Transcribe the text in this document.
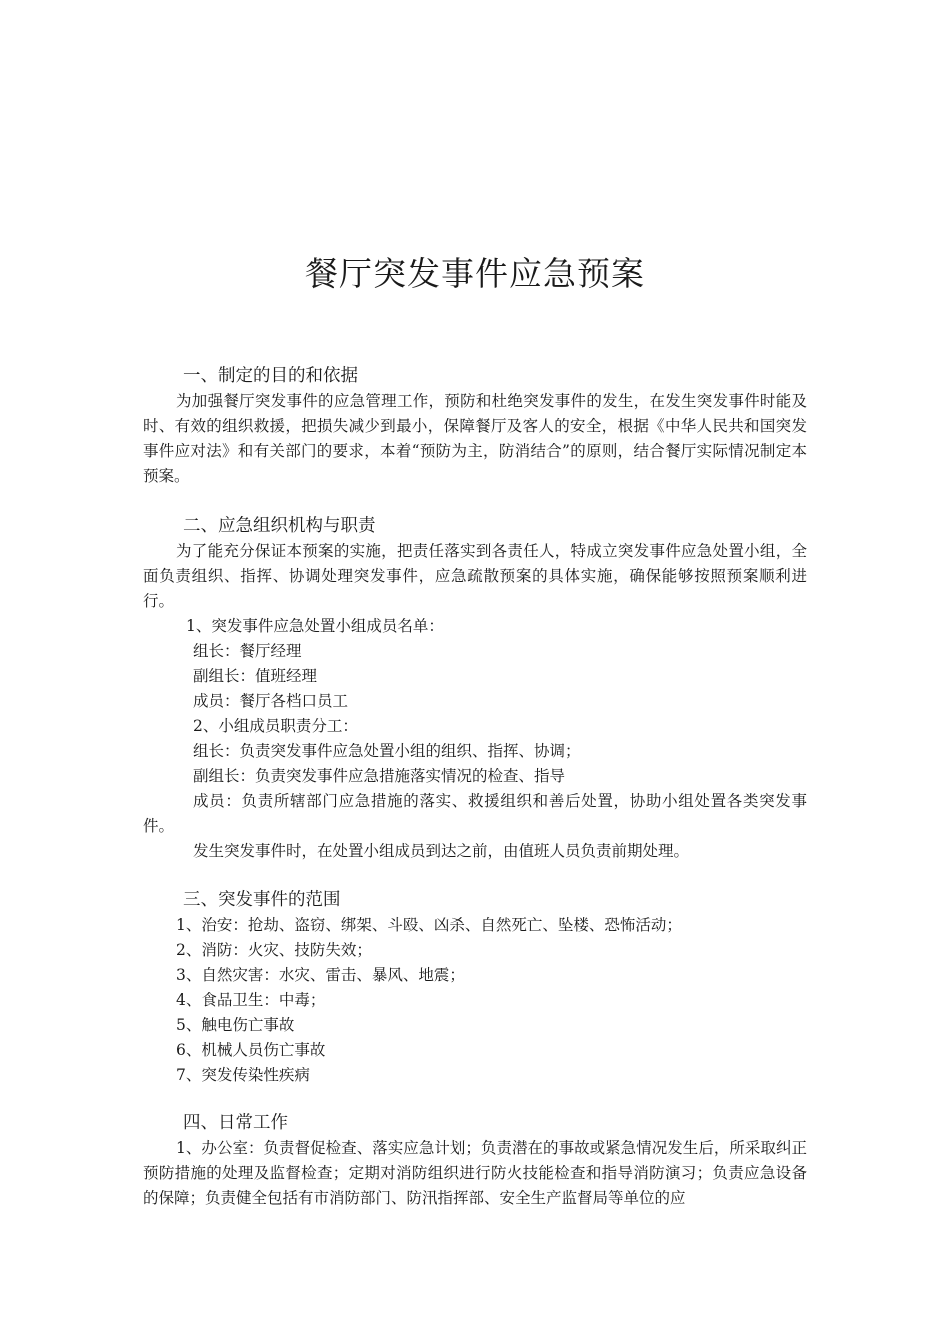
餐厅突发事件应急预案
一、制定的目的和依据
为加强餐厅突发事件的应急管理工作，预防和杜绝突发事件的发生，在发生突发事件时能及时、有效的组织救援，把损失减少到最小，保障餐厅及客人的安全，根据《中华人民共和国突发事件应对法》和有关部门的要求，本着“预防为主，防消结合”的原则，结合餐厅实际情况制定本预案。
二、应急组织机构与职责
为了能充分保证本预案的实施，把责任落实到各责任人，特成立突发事件应急处置小组，全面负责组织、指挥、协调处理突发事件，应急疏散预案的具体实施，确保能够按照预案顺利进行。
1、突发事件应急处置小组成员名单：
组长：餐厅经理
副组长：值班经理
成员：餐厅各档口员工
2、小组成员职责分工：
组长：负责突发事件应急处置小组的组织、指挥、协调；
副组长：负责突发事件应急措施落实情况的检查、指导
成员：负责所辖部门应急措施的落实、救援组织和善后处置，协助小组处置各类突发事件。
发生突发事件时，在处置小组成员到达之前，由值班人员负责前期处理。
三、突发事件的范围
1、治安：抢劫、盗窃、绑架、斗殴、凶杀、自然死亡、坠楼、恐怖活动；
2、消防：火灾、技防失效；
3、自然灾害：水灾、雷击、暴风、地震；
4、食品卫生：中毒；
5、触电伤亡事故
6、机械人员伤亡事故
7、突发传染性疾病
四、日常工作
1、办公室：负责督促检查、落实应急计划；负责潜在的事故或紧急情况发生后，所采取纠正预防措施的处理及监督检查；定期对消防组织进行防火技能检查和指导消防演习；负责应急设备的保障；负责健全包括有市消防部门、防汛指挥部、安全生产监督局等单位的应
